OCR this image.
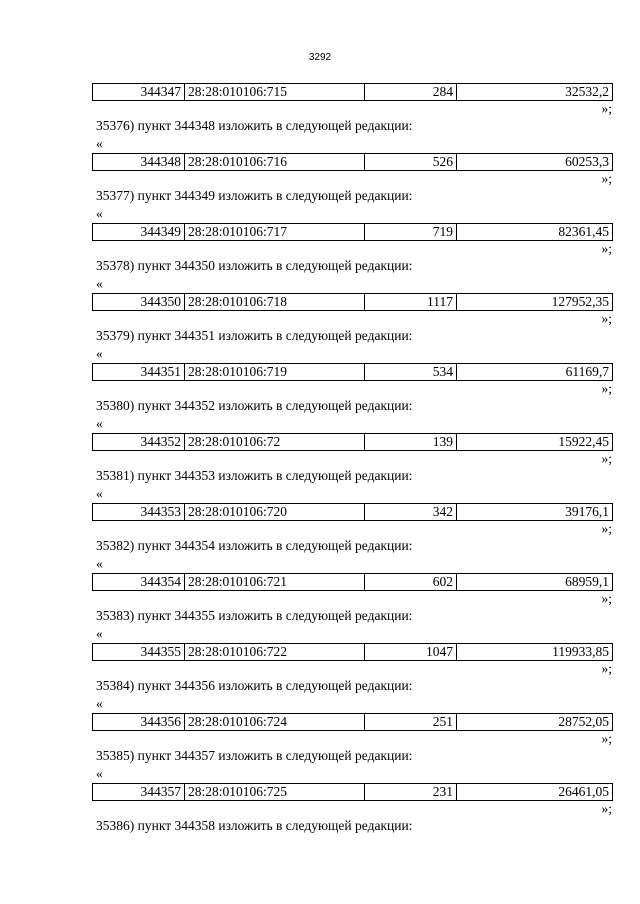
3292
344347	28:28:010106:715	284	32532,2
»;
35376) пункт 344348 изложить в следующей редакции:
«
344348	28:28:010106:716	526	60253,3
»;
35377) пункт 344349 изложить в следующей редакции:
«
344349	28:28:010106:717	719	82361,45
»;
35378) пункт 344350 изложить в следующей редакции:
«
344350	28:28:010106:718	1117	127952,35
»;
35379) пункт 344351 изложить в следующей редакции:
«
344351	28:28:010106:719	534	61169,7
»;
35380) пункт 344352 изложить в следующей редакции:
«
344352	28:28:010106:72	139	15922,45
»;
35381) пункт 344353 изложить в следующей редакции:
«
344353	28:28:010106:720	342	39176,1
»;
35382) пункт 344354 изложить в следующей редакции:
«
344354	28:28:010106:721	602	68959,1
»;
35383) пункт 344355 изложить в следующей редакции:
«
344355	28:28:010106:722	1047	119933,85
»;
35384) пункт 344356 изложить в следующей редакции:
«
344356	28:28:010106:724	251	28752,05
»;
35385) пункт 344357 изложить в следующей редакции:
«
344357	28:28:010106:725	231	26461,05
»;
35386) пункт 344358 изложить в следующей редакции:
